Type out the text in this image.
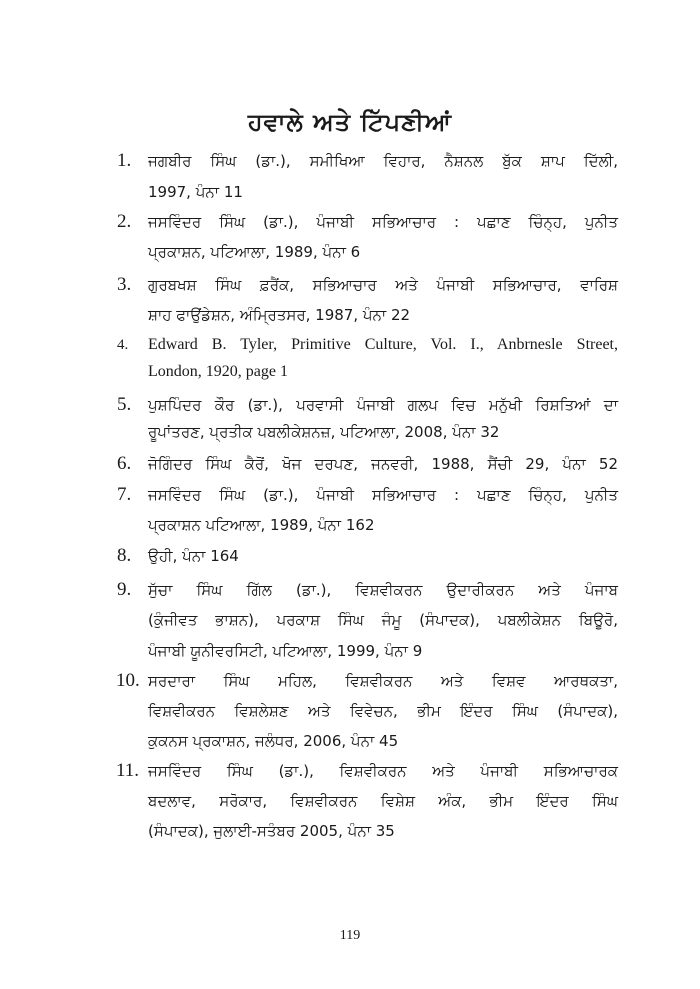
ਹਵਾਲੇ ਅਤੇ ਟਿੱਪਣੀਆਂ
1. ਜਗਬੀਰ ਸਿੰਘ (ਡਾ.), ਸਮੀਖਿਆ ਵਿਹਾਰ, ਨੈਸ਼ਨਲ ਬੁੱਕ ਸ਼ਾਪ ਦਿੱਲੀ,
1997, ਪੰਨਾ 11
2. ਜਸਵਿੰਦਰ ਸਿੰਘ (ਡਾ.), ਪੰਜਾਬੀ ਸਭਿਆਚਾਰ : ਪਛਾਣ ਚਿੰਨ੍ਹ, ਪੁਨੀਤ
ਪ੍ਰਕਾਸ਼ਨ, ਪਟਿਆਲਾ, 1989, ਪੰਨਾ 6
3. ਗੁਰਬਖਸ਼ ਸਿੰਘ ਫ਼ਰੈਂਕ, ਸਭਿਆਚਾਰ ਅਤੇ ਪੰਜਾਬੀ ਸਭਿਆਚਾਰ, ਵਾਰਿਸ਼
ਸ਼ਾਹ ਫਾਉਂਡੇਸ਼ਨ, ਅੰਮ੍ਰਿਤਸਰ, 1987, ਪੰਨਾ 22
4. Edward B. Tyler, Primitive Culture, Vol. I., Anbrnesle Street,
London, 1920, page 1
5. ਪੁਸ਼ਪਿੰਦਰ ਕੌਰ (ਡਾ.), ਪਰਵਾਸੀ ਪੰਜਾਬੀ ਗਲਪ ਵਿਚ ਮਨੁੱਖੀ ਰਿਸ਼ਤਿਆਂ ਦਾ
ਰੂਪਾਂਤਰਣ, ਪ੍ਰਤੀਕ ਪਬਲੀਕੇਸ਼ਨਜ਼, ਪਟਿਆਲਾ, 2008, ਪੰਨਾ 32
6. ਜੋਗਿੰਦਰ ਸਿੰਘ ਕੈਰੋਂ, ਖੋਜ ਦਰਪਣ, ਜਨਵਰੀ, 1988, ਸੈਂਚੀ 29, ਪੰਨਾ 52
7. ਜਸਵਿੰਦਰ ਸਿੰਘ (ਡਾ.), ਪੰਜਾਬੀ ਸਭਿਆਚਾਰ : ਪਛਾਣ ਚਿੰਨ੍ਹ, ਪੁਨੀਤ
ਪ੍ਰਕਾਸ਼ਨ ਪਟਿਆਲਾ, 1989, ਪੰਨਾ 162
8. ਉਹੀ, ਪੰਨਾ 164
9. ਸੁੱਚਾ ਸਿੰਘ ਗਿੱਲ (ਡਾ.), ਵਿਸ਼ਵੀਕਰਨ ਉਦਾਰੀਕਰਨ ਅਤੇ ਪੰਜਾਬ
(ਕੁੰਜੀਵਤ ਭਾਸ਼ਨ), ਪਰਕਾਸ਼ ਸਿੰਘ ਜੰਮੂ (ਸੰਪਾਦਕ), ਪਬਲੀਕੇਸ਼ਨ ਬਿਊਰੋ,
ਪੰਜਾਬੀ ਯੂਨੀਵਰਸਿਟੀ, ਪਟਿਆਲਾ, 1999, ਪੰਨਾ 9
10. ਸਰਦਾਰਾ ਸਿੰਘ ਮਹਿਲ, ਵਿਸ਼ਵੀਕਰਨ ਅਤੇ ਵਿਸ਼ਵ ਆਰਥਕਤਾ,
ਵਿਸ਼ਵੀਕਰਨ ਵਿਸ਼ਲੇਸ਼ਣ ਅਤੇ ਵਿਵੇਚਨ, ਭੀਮ ਇੰਦਰ ਸਿੰਘ (ਸੰਪਾਦਕ),
ਕੁਕਨਸ ਪ੍ਰਕਾਸ਼ਨ, ਜਲੰਧਰ, 2006, ਪੰਨਾ 45
11. ਜਸਵਿੰਦਰ ਸਿੰਘ (ਡਾ.), ਵਿਸ਼ਵੀਕਰਨ ਅਤੇ ਪੰਜਾਬੀ ਸਭਿਆਚਾਰਕ
ਬਦਲਾਵ, ਸਰੋਕਾਰ, ਵਿਸ਼ਵੀਕਰਨ ਵਿਸ਼ੇਸ਼ ਅੰਕ, ਭੀਮ ਇੰਦਰ ਸਿੰਘ
(ਸੰਪਾਦਕ), ਜੁਲਾਈ-ਸਤੰਬਰ 2005, ਪੰਨਾ 35
119
